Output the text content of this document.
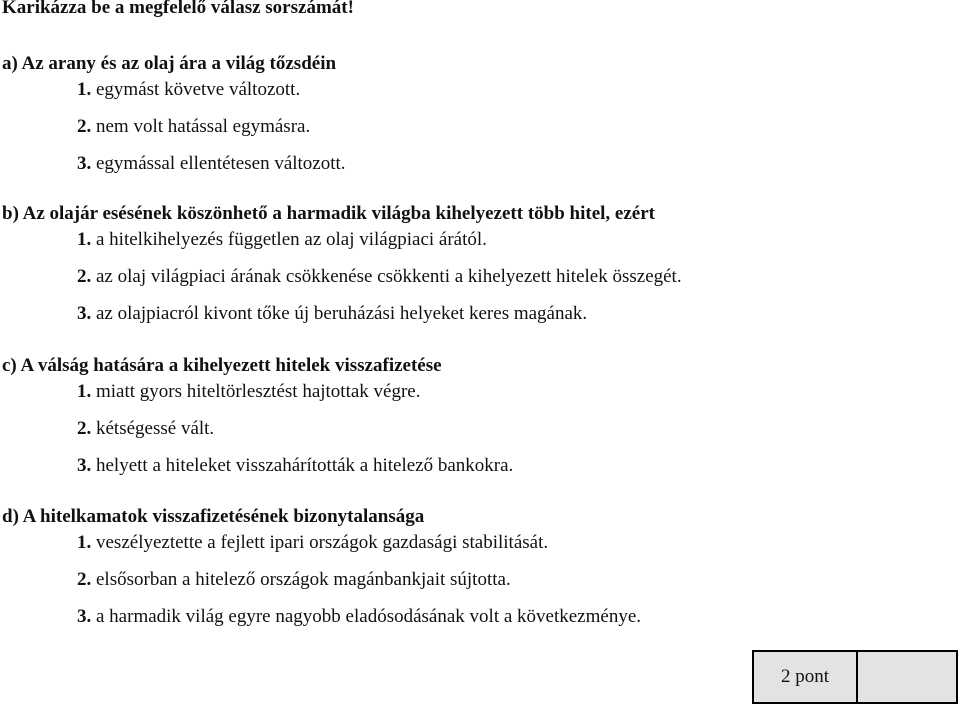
Karikázza be a megfelelő válasz sorszámát!
a) Az arany és az olaj ára a világ tőzsdéin
1. egymást követve változott.
2. nem volt hatással egymásra.
3. egymással ellentétesen változott.
b) Az olajár esésének köszönhető a harmadik világba kihelyezett több hitel, ezért
1. a hitelkihelyezés független az olaj világpiaci árától.
2. az olaj világpiaci árának csökkenése csökkenti a kihelyezett hitelek összegét.
3. az olajpiacról kivont tőke új beruházási helyeket keres magának.
c) A válság hatására a kihelyezett hitelek visszafizetése
1. miatt gyors hiteltörlesztést hajtottak végre.
2. kétségessé vált.
3. helyett a hiteleket visszahárították a hitelező bankokra.
d) A hitelkamatok visszafizetésének bizonytalansága
1. veszélyeztette a fejlett ipari országok gazdasági stabilitását.
2. elsősorban a hitelező országok magánbankjait sújtotta.
3. a harmadik világ egyre nagyobb eladósodásának volt a következménye.
2 pont
